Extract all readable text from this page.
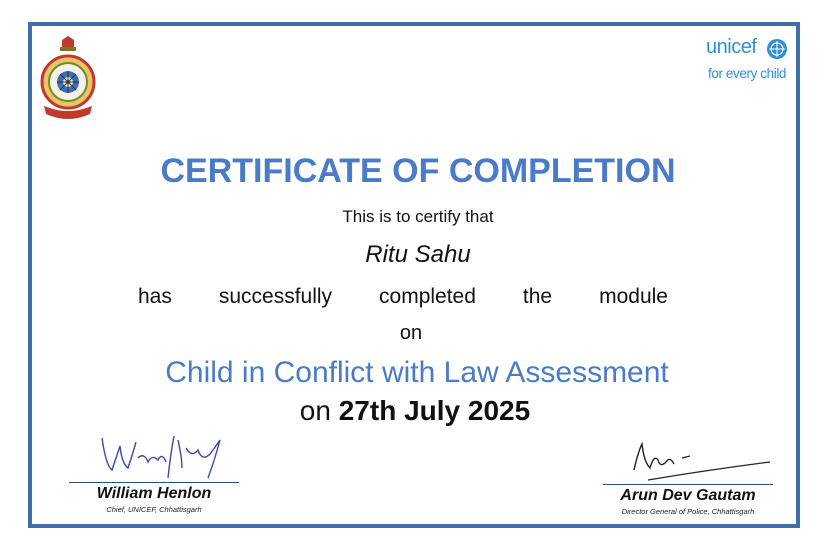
unicef
for every child
CERTIFICATE OF COMPLETION
This is to certify that
Ritu Sahu
has successfully completed the module
on
Child in Conflict with Law Assessment
on 27th July 2025
William Henlon
Chief, UNICEF, Chhattisgarh
Arun Dev Gautam
Director General of Police, Chhattisgarh
